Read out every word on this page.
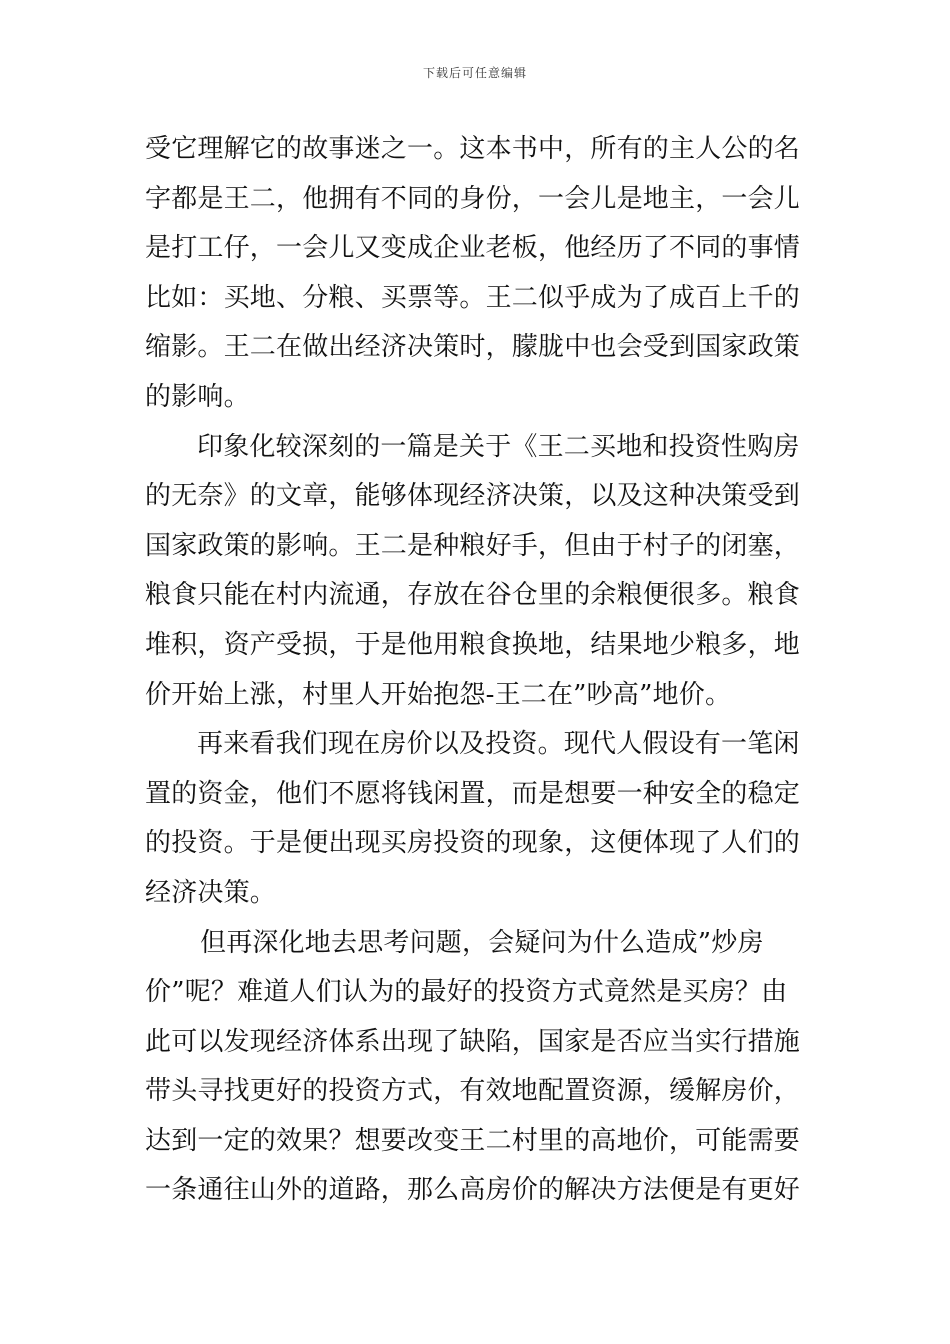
下载后可任意编辑
受它理解它的故事迷之一。这本书中，所有的主人公的名
字都是王二，他拥有不同的身份，一会儿是地主，一会儿
是打工仔，一会儿又变成企业老板，他经历了不同的事情
比如：买地、分粮、买票等。王二似乎成为了成百上千的
缩影。王二在做出经济决策时，朦胧中也会受到国家政策
的影响。
印象化较深刻的一篇是关于《王二买地和投资性购房
的无奈》的文章，能够体现经济决策，以及这种决策受到
国家政策的影响。王二是种粮好手，但由于村子的闭塞，
粮食只能在村内流通，存放在谷仓里的余粮便很多。粮食
堆积，资产受损，于是他用粮食换地，结果地少粮多，地
价开始上涨，村里人开始抱怨-王二在”吵高”地价。
再来看我们现在房价以及投资。现代人假设有一笔闲
置的资金，他们不愿将钱闲置，而是想要一种安全的稳定
的投资。于是便出现买房投资的现象，这便体现了人们的
经济决策。
但再深化地去思考问题，会疑问为什么造成”炒房
价”呢？难道人们认为的最好的投资方式竟然是买房？由
此可以发现经济体系出现了缺陷，国家是否应当实行措施
带头寻找更好的投资方式，有效地配置资源，缓解房价，
达到一定的效果？想要改变王二村里的高地价，可能需要
一条通往山外的道路，那么高房价的解决方法便是有更好
